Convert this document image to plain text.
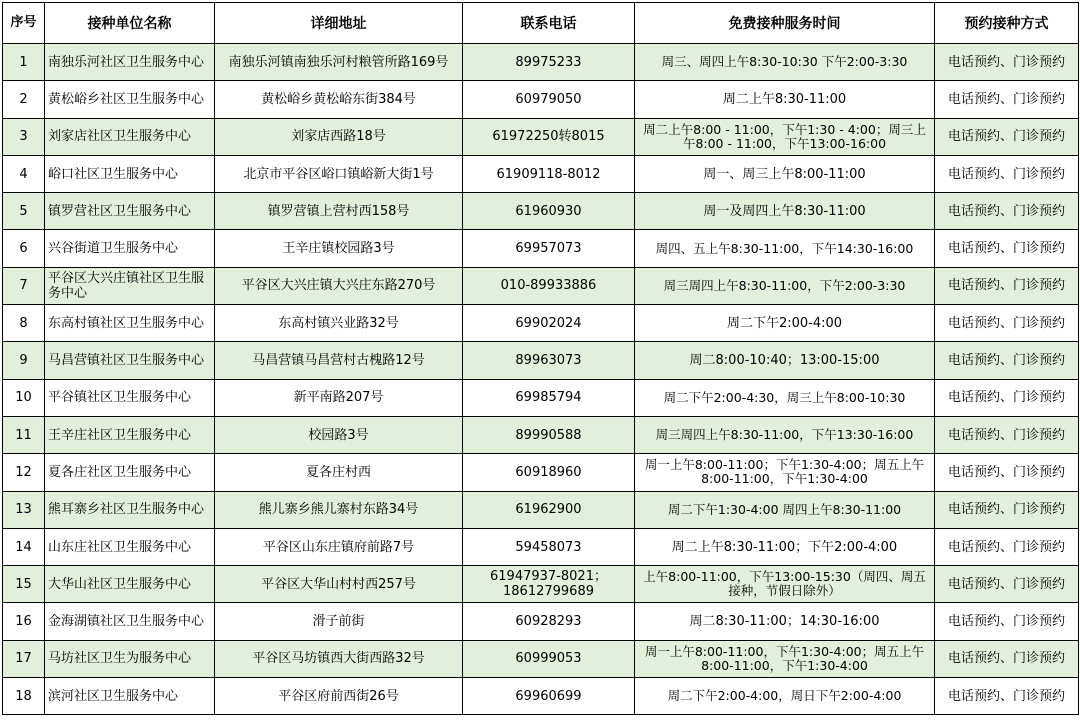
序号	接种单位名称	详细地址	联系电话	免费接种服务时间	预约接种方式
1	南独乐河社区卫生服务中心	南独乐河镇南独乐河村粮管所路169号	89975233	周三、周四上午8:30-10:30 下午2:00-3:30	电话预约、门诊预约
2	黄松峪乡社区卫生服务中心	黄松峪乡黄松峪东街384号	60979050	周二上午8:30-11:00	电话预约、门诊预约
3	刘家店社区卫生服务中心	刘家店西路18号	61972250转8015	周二上午8:00 - 11:00，下午1:30 - 4:00；周三上午8:00 - 11:00，下午13:00-16:00	电话预约、门诊预约
4	峪口社区卫生服务中心	北京市平谷区峪口镇峪新大街1号	61909118-8012	周一、周三上午8:00-11:00	电话预约、门诊预约
5	镇罗营社区卫生服务中心	镇罗营镇上营村西158号	61960930	周一及周四上午8:30-11:00	电话预约、门诊预约
6	兴谷街道卫生服务中心	王辛庄镇校园路3号	69957073	周四、五上午8:30-11:00，下午14:30-16:00	电话预约、门诊预约
7	平谷区大兴庄镇社区卫生服务中心	平谷区大兴庄镇大兴庄东路270号	010-89933886	周三周四上午8:30-11:00，下午2:00-3:30	电话预约、门诊预约
8	东高村镇社区卫生服务中心	东高村镇兴业路32号	69902024	周二下午2:00-4:00	电话预约、门诊预约
9	马昌营镇社区卫生服务中心	马昌营镇马昌营村古槐路12号	89963073	周二8:00-10:40；13:00-15:00	电话预约、门诊预约
10	平谷镇社区卫生服务中心	新平南路207号	69985794	周二下午2:00-4:30，周三上午8:00-10:30	电话预约、门诊预约
11	王辛庄社区卫生服务中心	校园路3号	89990588	周三周四上午8:30-11:00，下午13:30-16:00	电话预约、门诊预约
12	夏各庄社区卫生服务中心	夏各庄村西	60918960	周一上午8:00-11:00；下午1:30-4:00；周五上午8:00-11:00，下午1:30-4:00	电话预约、门诊预约
13	熊耳寨乡社区卫生服务中心	熊儿寨乡熊儿寨村东路34号	61962900	周二下午1:30-4:00 周四上午8:30-11:00	电话预约、门诊预约
14	山东庄社区卫生服务中心	平谷区山东庄镇府前路7号	59458073	周二上午8:30-11:00；下午2:00-4:00	电话预约、门诊预约
15	大华山社区卫生服务中心	平谷区大华山村村西257号	61947937-8021；18612799689	上午8:00-11:00，下午13:00-15:30（周四、周五接种，节假日除外）	电话预约、门诊预约
16	金海湖镇社区卫生服务中心	滑子前街	60928293	周二8:30-11:00；14:30-16:00	电话预约、门诊预约
17	马坊社区卫生为服务中心	平谷区马坊镇西大街西路32号	60999053	周一上午8:00-11:00，下午1:30-4:00；周五上午8:00-11:00，下午1:30-4:00	电话预约、门诊预约
18	滨河社区卫生服务中心	平谷区府前西街26号	69960699	周二下午2:00-4:00，周日下午2:00-4:00	电话预约、门诊预约
